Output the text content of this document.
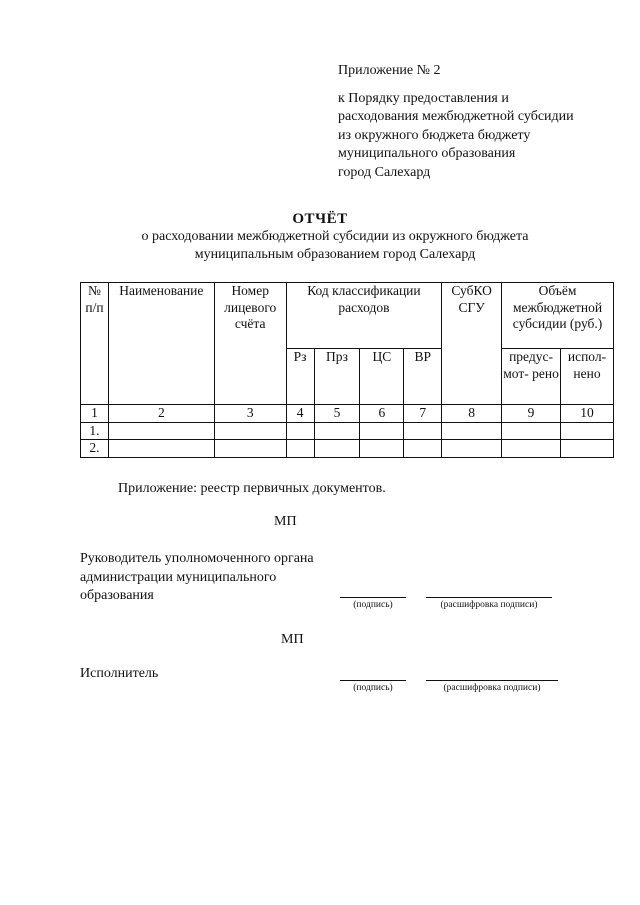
Приложение № 2
к Порядку предоставления и
расходования межбюджетной субсидии
из окружного бюджета бюджету
муниципального образования
город Салехард
ОТЧЁТ
о расходовании межбюджетной субсидии из окружного бюджета
муниципальным образованием город Салехард
№ п/п	Наименование	Номер лицевого счёта	Код классификации расходов				СубКО СГУ	Объём межбюджетной субсидии (руб.)	
			Рз	Прз	ЦС	ВР		предус- мот- рено	испол- нено
1	2	3	4	5	6	7	8	9	10
1.									
2.									
Приложение: реестр первичных документов.
МП
Руководитель уполномоченного органа
администрации муниципального
образования
(подпись)	(расшифровка подписи)
МП
Исполнитель
(подпись)	(расшифровка подписи)
